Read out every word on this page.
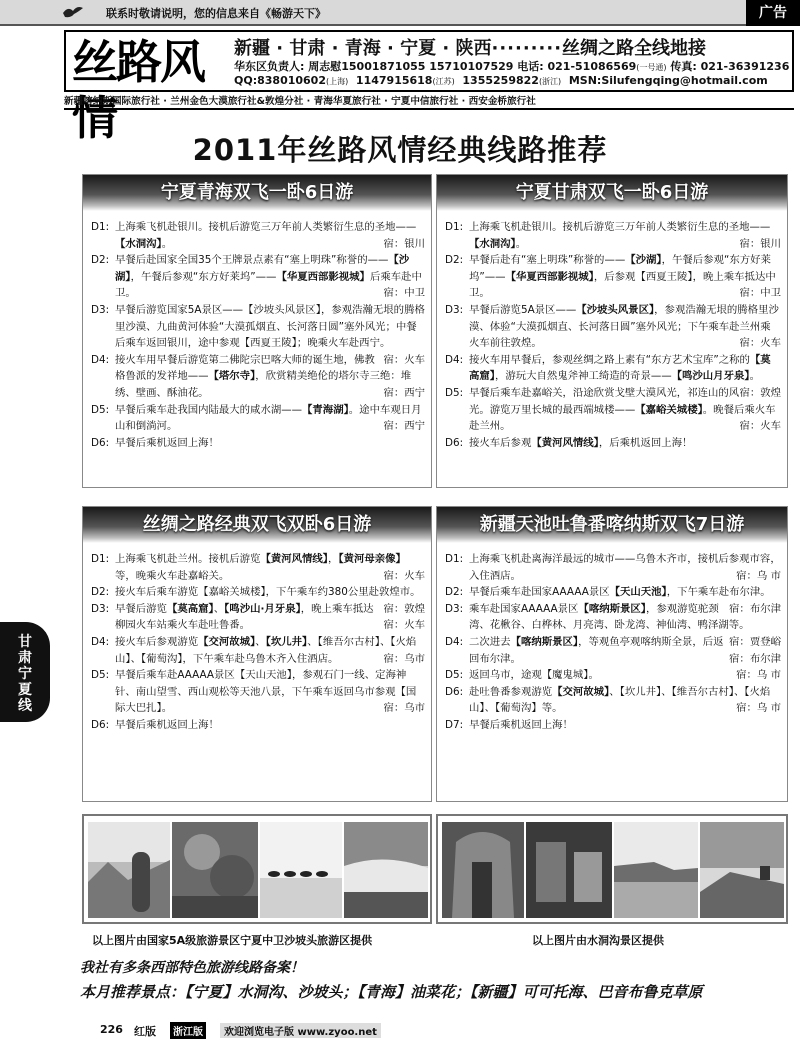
联系时敬请说明，您的信息来自《畅游天下》	广告
丝路风情
新疆 · 甘肃 · 青海 · 宁夏 · 陕西·········丝绸之路全线地接
华东区负责人: 周志慰15001871055 15710107529 电话: 021-51086569(一号通) 传真: 021-36391236
QQ:838010602(上海) 1147915618(江苏) 1355259822(浙江) MSN:Silufengqing@hotmail.com
新疆喀纳斯国际旅行社 · 兰州金色大漠旅行社&敦煌分社 · 青海华夏旅行社 · 宁夏中信旅行社 · 西安金桥旅行社
2011年丝路风情经典线路推荐
宁夏青海双飞一卧6日游
D1: 上海乘飞机赴银川。接机后游览三万年前人类繁衍生息的圣地——【水洞沟】。	宿：银川
D2: 早餐后赴国家全国35个王牌景点素有“塞上明珠”称誉的——【沙湖】，午餐后参观“东方好莱坞”——【华夏西部影视城】后乘车赴中卫。	宿：中卫
D3: 早餐后游览国家5A景区——【沙坡头风景区】，参观浩瀚无垠的腾格里沙漠、九曲黄河体验“大漠孤烟直、长河落日圆”塞外风光；中餐后乘车返回银川，途中参观【西夏王陵】；晚乘火车赴西宁。
宿：火车
D4: 接火车用早餐后游览第二佛陀宗巴喀大师的诞生地，佛教格鲁派的发祥地——【塔尔寺】，欣赏精美绝伦的塔尔寺三绝：堆绣、壁画、酥油花。	宿：西宁
D5: 早餐后乘车赴我国内陆最大的咸水湖——【青海湖】。途中车观日月山和倒淌河。	宿：西宁
D6: 早餐后乘机返回上海！
宁夏甘肃双飞一卧6日游
D1: 上海乘飞机赴银川。接机后游览三万年前人类繁衍生息的圣地——【水洞沟】。	宿：银川
D2: 早餐后赴有“塞上明珠”称誉的——【沙湖】，午餐后参观“东方好莱坞”——【华夏西部影视城】，后参观【西夏王陵】，晚上乘车抵达中卫。	宿：中卫
D3: 早餐后游览5A景区——【沙坡头风景区】，参观浩瀚无垠的腾格里沙漠、体验“大漠孤烟直、长河落日圆”塞外风光；下午乘车赴兰州乘火车前往敦煌。	宿：火车
D4: 接火车用早餐后，参观丝绸之路上素有“东方艺术宝库”之称的【莫高窟】，游玩大自然鬼斧神工绮造的奇景——【鸣沙山月牙泉】。
宿：敦煌
D5: 早餐后乘车赴嘉峪关，沿途欣赏戈壁大漠风光，祁连山的风光。游览万里长城的最西端城楼——【嘉峪关城楼】。晚餐后乘火车赴兰州。	宿：火车
D6: 接火车后参观【黄河风情线】，后乘机返回上海！
丝绸之路经典双飞双卧6日游
D1: 上海乘飞机赴兰州。接机后游览【黄河风情线】，【黄河母亲像】等，晚乘火车赴嘉峪关。	宿：火车
D2: 接火车后乘车游览【嘉峪关城楼】，下午乘车约380公里赴敦煌市。
宿：敦煌
D3: 早餐后游览【莫高窟】、【鸣沙山·月牙泉】，晚上乘车抵达柳园火车站乘火车赴吐鲁番。	宿：火车
D4: 接火车后参观游览【交河故城】、【坎儿井】、【维吾尔古村】、【火焰山】、【葡萄沟】，下午乘车赴乌鲁木齐入住酒店。	宿：乌市
D5: 早餐后乘车赴AAAAA景区【天山天池】，参观石门一线、定海神针、南山望雪、西山观松等天池八景，下午乘车返回乌市参观【国际大巴扎】。	宿：乌市
D6: 早餐后乘机返回上海！
新疆天池吐鲁番喀纳斯双飞7日游
D1: 上海乘飞机赴离海洋最远的城市——乌鲁木齐市，接机后参观市容，入住酒店。	宿：乌 市
D2: 早餐后乘车赴国家AAAAA景区【天山天池】，下午乘车赴布尔津。
宿：布尔津
D3: 乘车赴国家AAAAA景区【喀纳斯景区】，参观游览驼颈湾、花楸谷、白桦林、月亮湾、卧龙湾、神仙湾、鸭泽湖等。
宿：贾登峪
D4: 二次进去【喀纳斯景区】，等观鱼亭观喀纳斯全景，后返回布尔津。	宿：布尔津
D5: 返回乌市，途观【魔鬼城】。	宿：乌 市
D6: 赴吐鲁番参观游览【交河故城】、【坎儿井】、【维吾尔古村】、【火焰山】、【葡萄沟】等。	宿：乌 市
D7: 早餐后乘机返回上海！
以上图片由国家5A级旅游景区宁夏中卫沙坡头旅游区提供	以上图片由水洞沟景区提供
我社有多条西部特色旅游线路备案！
本月推荐景点：【宁夏】水洞沟、沙坡头；【青海】油菜花；【新疆】可可托海、巴音布鲁克草原
甘
肃
宁
夏
线
226 红版	浙江版	欢迎浏览电子版 www.zyoo.net
